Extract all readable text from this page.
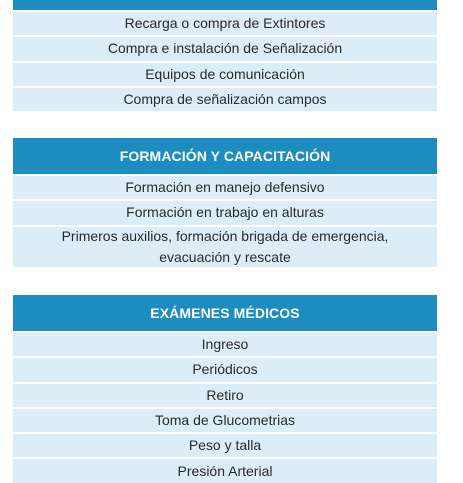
Recarga o compra de Extintores
Compra e instalación de Señalización
Equipos de comunicación
Compra de señalización campos
FORMACIÓN Y CAPACITACIÓN
Formación en manejo defensivo
Formación en trabajo en alturas
Primeros auxilios, formación brigada de emergencia, evacuación y rescate
EXÁMENES MÉDICOS
Ingreso
Periódicos
Retiro
Toma de Glucometrias
Peso y talla
Presión Arterial
